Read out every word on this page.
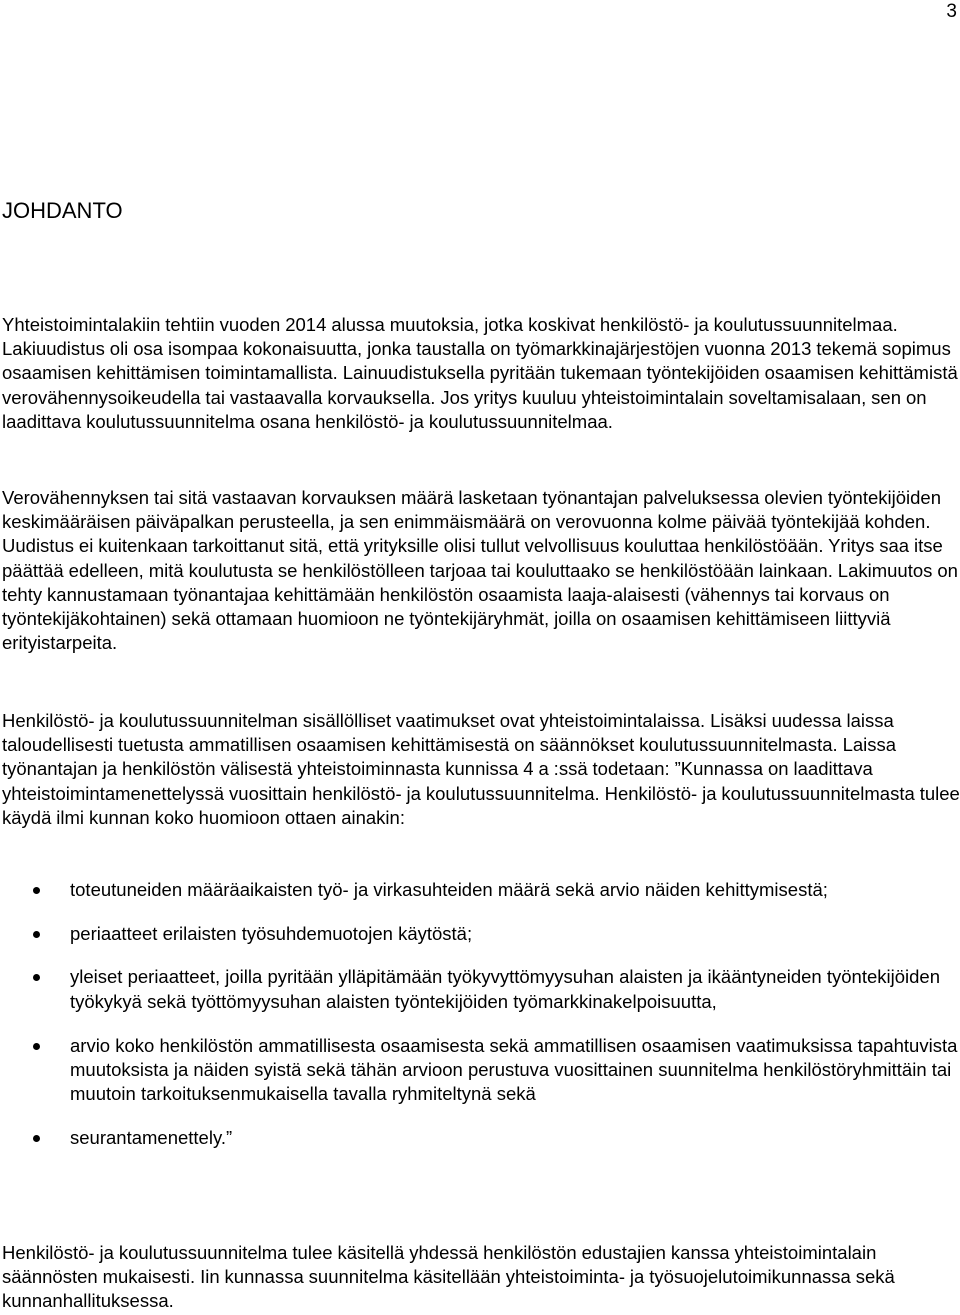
3
JOHDANTO

Yhteistoimintalakiin tehtiin vuoden 2014 alussa muutoksia, jotka koskivat henkilöstö- ja koulutussuunnitelmaa. Lakiuudistus oli osa isompaa kokonaisuutta, jonka taustalla on työmarkkinajärjestöjen vuonna 2013 tekemä sopimus osaamisen kehittämisen toimintamallista. Lainuudistuksella pyritään tukemaan työntekijöiden osaamisen kehittämistä verovähennysoikeudella tai vastaavalla korvauksella. Jos yritys kuuluu yhteistoimintalain soveltamisalaan, sen on laadittava koulutussuunnitelma osana henkilöstö- ja koulutussuunnitelmaa.

Verovähennyksen tai sitä vastaavan korvauksen määrä lasketaan työnantajan palveluksessa olevien työntekijöiden keskimääräisen päiväpalkan perusteella, ja sen enimmäismäärä on verovuonna kolme päivää työntekijää kohden. Uudistus ei kuitenkaan tarkoittanut sitä, että yrityksille olisi tullut velvollisuus kouluttaa henkilöstöään. Yritys saa itse päättää edelleen, mitä koulutusta se henkilöstölleen tarjoaa tai kouluttaako se henkilöstöään lainkaan. Lakimuutos on tehty kannustamaan työnantajaa kehittämään henkilöstön osaamista laaja-alaisesti (vähennys tai korvaus on työntekijäkohtainen) sekä ottamaan huomioon ne työntekijäryhmät, joilla on osaamisen kehittämiseen liittyviä erityistarpeita.

Henkilöstö- ja koulutussuunnitelman sisällölliset vaatimukset ovat yhteistoimintalaissa. Lisäksi uudessa laissa taloudellisesti tuetusta ammatillisen osaamisen kehittämisestä on säännökset koulutussuunnitelmasta. Laissa työnantajan ja henkilöstön välisestä yhteistoiminnasta kunnissa 4 a :ssä todetaan: ”Kunnassa on laadittava yhteistoimintamenettelyssä vuosittain henkilöstö- ja koulutussuunnitelma. Henkilöstö- ja koulutussuunnitelmasta tulee käydä ilmi kunnan koko huomioon ottaen ainakin:

toteutuneiden määräaikaisten työ- ja virkasuhteiden määrä sekä arvio näiden kehittymisestä;
periaatteet erilaisten työsuhdemuotojen käytöstä;
yleiset periaatteet, joilla pyritään ylläpitämään työkyvyttömyysuhan alaisten ja ikääntyneiden työntekijöiden työkykyä sekä työttömyysuhan alaisten työntekijöiden työmarkkinakelpoisuutta,
arvio koko henkilöstön ammatillisesta osaamisesta sekä ammatillisen osaamisen vaatimuksissa tapahtuvista muutoksista ja näiden syistä sekä tähän arvioon perustuva vuosittainen suunnitelma henkilöstöryhmittäin tai muutoin tarkoituksenmukaisella tavalla ryhmiteltynä sekä
seurantamenettely.”

Henkilöstö- ja koulutussuunnitelma tulee käsitellä yhdessä henkilöstön edustajien kanssa yhteistoimintalain säännösten mukaisesti. Iin kunnassa suunnitelma käsitellään yhteistoiminta- ja työsuojelutoimikunnassa sekä kunnanhallituksessa.
